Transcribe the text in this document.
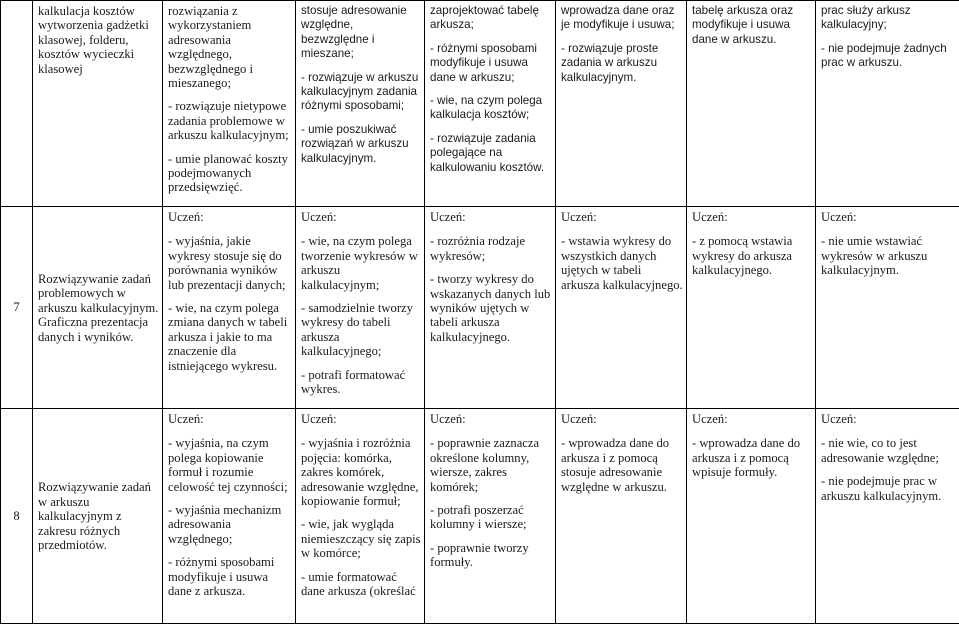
	kalkulacja kosztów wytworzenia gadżetki klasowej, folderu, kosztów wycieczki klasowej	rozwiązania z wykorzystaniem adresowania względnego, bezwzględnego i mieszanego;
- rozwiązuje nietypowe zadania problemowe w arkuszu kalkulacyjnym;
- umie planować koszty podejmowanych przedsięwzięć.	stosuje adresowanie względne, bezwzględne i mieszane;
- rozwiązuje w arkuszu kalkulacyjnym zadania różnymi sposobami;
- umie poszukiwać rozwiązań w arkuszu kalkulacyjnym.	zaprojektować tabelę arkusza;
- różnymi sposobami modyfikuje i usuwa dane w arkuszu;
- wie, na czym polega kalkulacja kosztów;
- rozwiązuje zadania polegające na kalkulowaniu kosztów.	wprowadza dane oraz je modyfikuje i usuwa;
- rozwiązuje proste zadania w arkuszu kalkulacyjnym.	tabelę arkusza oraz modyfikuje i usuwa dane w arkuszu.	prac służy arkusz kalkulacyjny;
- nie podejmuje żadnych prac w arkuszu.

7	Rozwiązywanie zadań problemowych w arkuszu kalkulacyjnym. Graficzna prezentacja danych i wyników.	Uczeń:
- wyjaśnia, jakie wykresy stosuje się do porównania wyników lub prezentacji danych;
- wie, na czym polega zmiana danych w tabeli arkusza i jakie to ma znaczenie dla istniejącego wykresu.	Uczeń:
- wie, na czym polega tworzenie wykresów w arkuszu kalkulacyjnym;
- samodzielnie tworzy wykresy do tabeli arkusza kalkulacyjnego;
- potrafi formatować wykres.	Uczeń:
- rozróżnia rodzaje wykresów;
- tworzy wykresy do wskazanych danych lub wyników ujętych w tabeli arkusza kalkulacyjnego.	Uczeń:
- wstawia wykresy do wszystkich danych ujętych w tabeli arkusza kalkulacyjnego.	Uczeń:
- z pomocą wstawia wykresy do arkusza kalkulacyjnego.	Uczeń:
- nie umie wstawiać wykresów w arkuszu kalkulacyjnym.

8	Rozwiązywanie zadań w arkuszu kalkulacyjnym z zakresu różnych przedmiotów.	Uczeń:
- wyjaśnia, na czym polega kopiowanie formuł i rozumie celowość tej czynności;
- wyjaśnia mechanizm adresowania względnego;
- różnymi sposobami modyfikuje i usuwa dane z arkusza.	Uczeń:
- wyjaśnia i rozróżnia pojęcia: komórka, zakres komórek, adresowanie względne, kopiowanie formuł;
- wie, jak wygląda niemieszczący się zapis w komórce;
- umie formatować dane arkusza (określać	Uczeń:
- poprawnie zaznacza określone kolumny, wiersze, zakres komórek;
- potrafi poszerzać kolumny i wiersze;
- poprawnie tworzy formuły.	Uczeń:
- wprowadza dane do arkusza i z pomocą stosuje adresowanie względne w arkuszu.	Uczeń:
- wprowadza dane do arkusza i z pomocą wpisuje formuły.	Uczeń:
- nie wie, co to jest adresowanie względne;
- nie podejmuje prac w arkuszu kalkulacyjnym.
